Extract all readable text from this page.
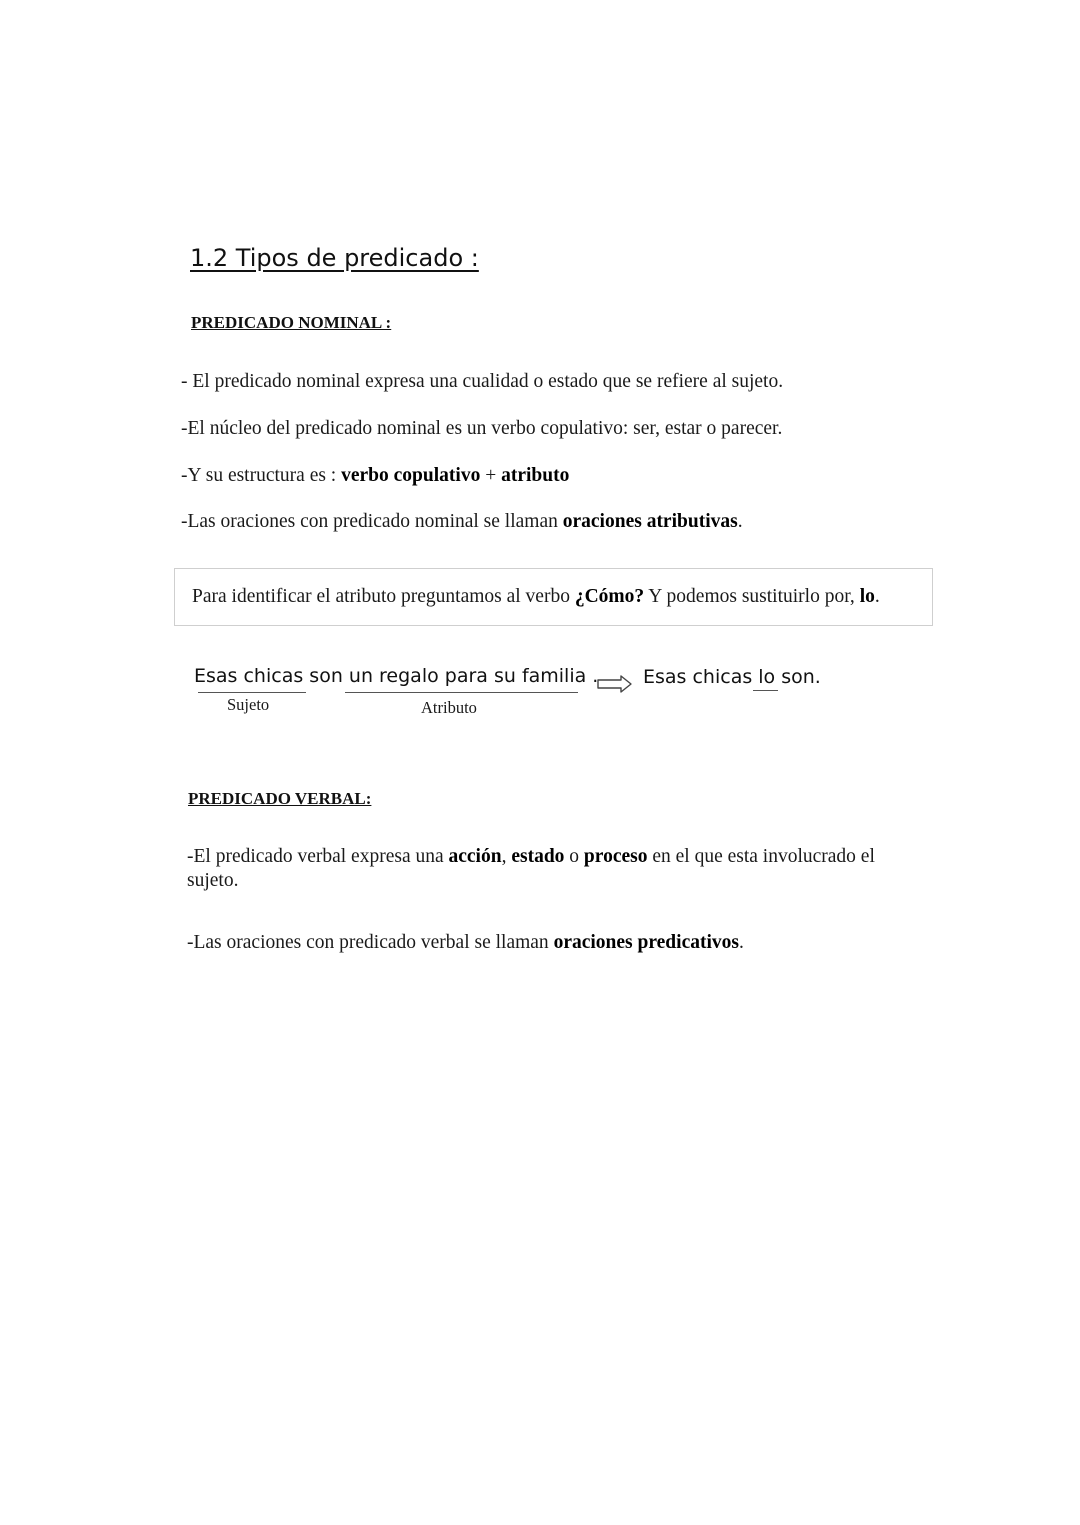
1.2 Tipos de predicado :
PREDICADO NOMINAL :
- El predicado nominal expresa una cualidad o estado que se refiere al sujeto.
-El núcleo del predicado nominal es un verbo copulativo: ser, estar o parecer.
-Y su estructura es : verbo copulativo + atributo
-Las oraciones con predicado nominal se llaman oraciones atributivas.
Para identificar el atributo preguntamos al verbo ¿Cómo? Y podemos sustituirlo por, lo.
Esas chicas son un regalo para su familia .
Sujeto	Atributo
Esas chicas lo son.
PREDICADO VERBAL:
-El predicado verbal expresa una acción, estado o proceso en el que esta involucrado el
sujeto.
-Las oraciones con predicado verbal se llaman oraciones predicativos.
